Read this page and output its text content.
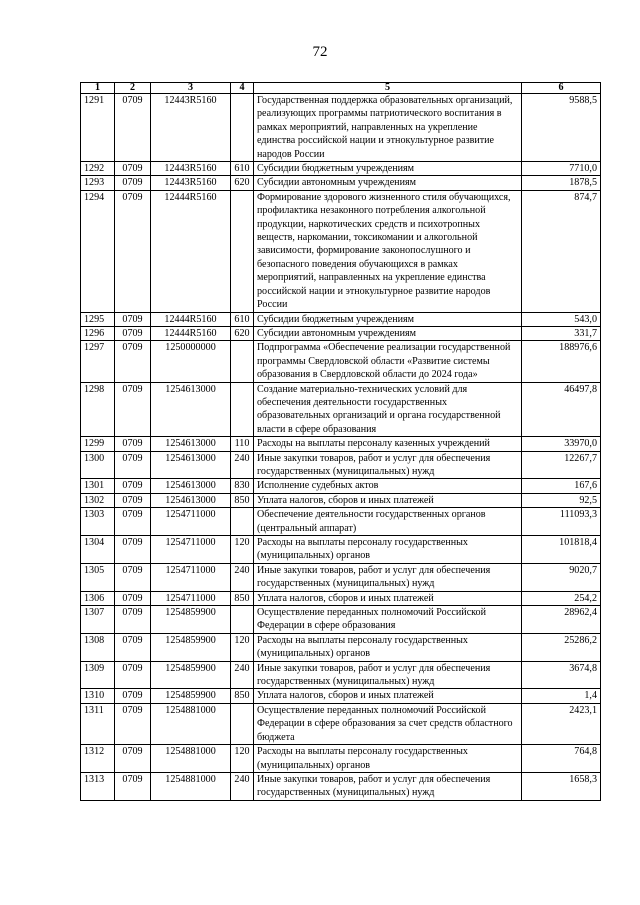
72
1	2	3	4	5	6
1291	0709	12443R5160		Государственная поддержка образовательных организаций, реализующих программы патриотического воспитания в рамках мероприятий, направленных на укрепление единства российской нации и этнокультурное развитие народов России	9588,5
1292	0709	12443R5160	610	Субсидии бюджетным учреждениям	7710,0
1293	0709	12443R5160	620	Субсидии автономным учреждениям	1878,5
1294	0709	12444R5160		Формирование здорового жизненного стиля обучающихся, профилактика незаконного потребления алкогольной продукции, наркотических средств и психотропных веществ, наркомании, токсикомании и алкогольной зависимости, формирование законопослушного и безопасного поведения обучающихся в рамках мероприятий, направленных на укрепление единства российской нации и этнокультурное развитие народов России	874,7
1295	0709	12444R5160	610	Субсидии бюджетным учреждениям	543,0
1296	0709	12444R5160	620	Субсидии автономным учреждениям	331,7
1297	0709	1250000000		Подпрограмма «Обеспечение реализации государственной программы Свердловской области «Развитие системы образования в Свердловской области до 2024 года»	188976,6
1298	0709	1254613000		Создание материально-технических условий для обеспечения деятельности государственных образовательных организаций и органа государственной власти в сфере образования	46497,8
1299	0709	1254613000	110	Расходы на выплаты персоналу казенных учреждений	33970,0
1300	0709	1254613000	240	Иные закупки товаров, работ и услуг для обеспечения государственных (муниципальных) нужд	12267,7
1301	0709	1254613000	830	Исполнение судебных актов	167,6
1302	0709	1254613000	850	Уплата налогов, сборов и иных платежей	92,5
1303	0709	1254711000		Обеспечение деятельности государственных органов (центральный аппарат)	111093,3
1304	0709	1254711000	120	Расходы на выплаты персоналу государственных (муниципальных) органов	101818,4
1305	0709	1254711000	240	Иные закупки товаров, работ и услуг для обеспечения государственных (муниципальных) нужд	9020,7
1306	0709	1254711000	850	Уплата налогов, сборов и иных платежей	254,2
1307	0709	1254859900		Осуществление переданных полномочий Российской Федерации в сфере образования	28962,4
1308	0709	1254859900	120	Расходы на выплаты персоналу государственных (муниципальных) органов	25286,2
1309	0709	1254859900	240	Иные закупки товаров, работ и услуг для обеспечения государственных (муниципальных) нужд	3674,8
1310	0709	1254859900	850	Уплата налогов, сборов и иных платежей	1,4
1311	0709	1254881000		Осуществление переданных полномочий Российской Федерации в сфере образования за счет средств областного бюджета	2423,1
1312	0709	1254881000	120	Расходы на выплаты персоналу государственных (муниципальных) органов	764,8
1313	0709	1254881000	240	Иные закупки товаров, работ и услуг для обеспечения государственных (муниципальных) нужд	1658,3
